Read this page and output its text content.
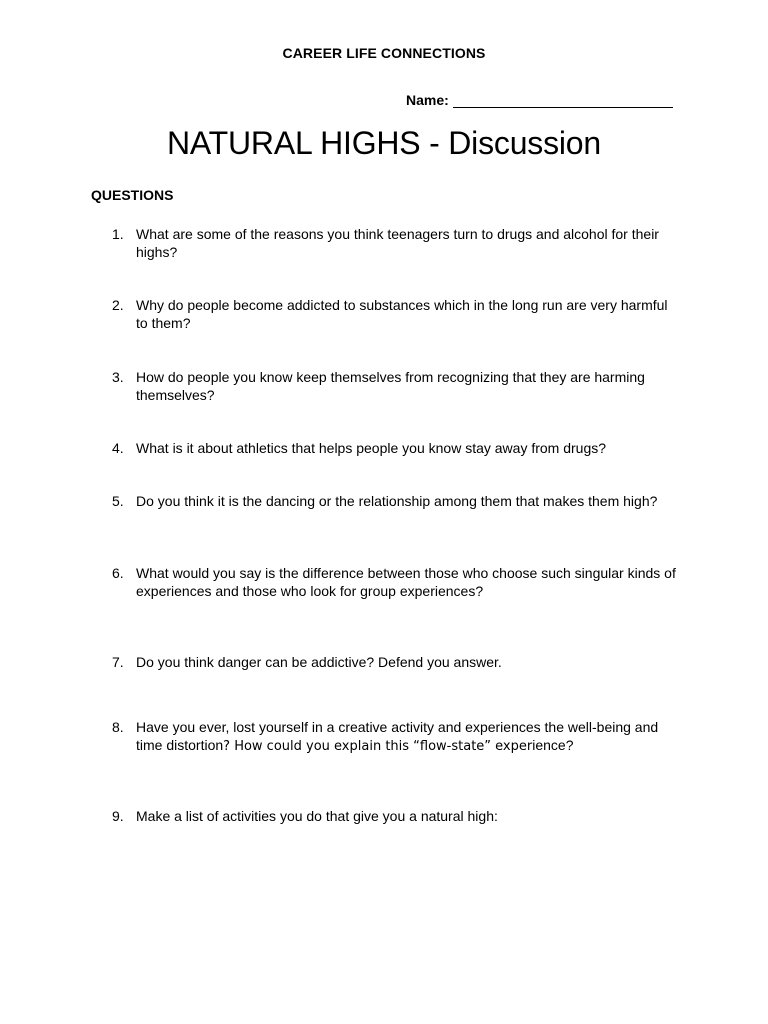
CAREER LIFE CONNECTIONS
Name:
NATURAL HIGHS - Discussion
QUESTIONS
1. What are some of the reasons you think teenagers turn to drugs and alcohol for their highs?
2. Why do people become addicted to substances which in the long run are very harmful to them?
3. How do people you know keep themselves from recognizing that they are harming themselves?
4. What is it about athletics that helps people you know stay away from drugs?
5. Do you think it is the dancing or the relationship among them that makes them high?
6. What would you say is the difference between those who choose such singular kinds of experiences and those who look for group experiences?
7. Do you think danger can be addictive? Defend you answer.
8. Have you ever, lost yourself in a creative activity and experiences the well-being and time distortion? How could you explain this “flow-state” experience?
9. Make a list of activities you do that give you a natural high:
